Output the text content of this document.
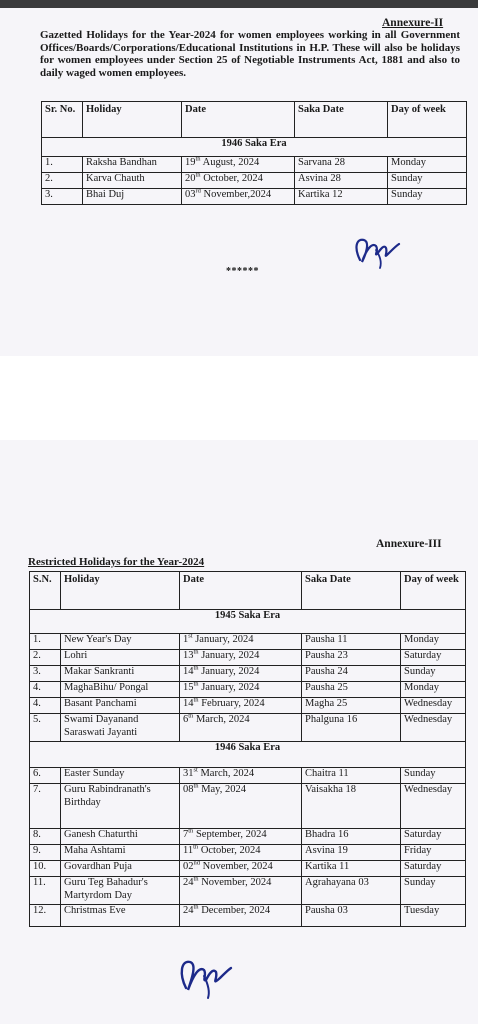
Annexure-II
Gazetted Holidays for the Year-2024 for women employees working in all Government Offices/Boards/Corporations/Educational Institutions in H.P. These will also be holidays for women employees under Section 25 of Negotiable Instruments Act, 1881 and also to daily waged women employees.
Sr. No.	Holiday	Date	Saka Date	Day of week
1946 Saka Era				
1.	Raksha Bandhan	19th August, 2024	Sarvana 28	Monday
2.	Karva Chauth	20th October, 2024	Asvina 28	Sunday
3.	Bhai Duj	03rd November,2024	Kartika 12	Sunday
******
Annexure-III
Restricted Holidays for the Year-2024
S.N.	Holiday	Date	Saka Date	Day of week
1945 Saka Era				
1.	New Year's Day	1st January, 2024	Pausha 11	Monday
2.	Lohri	13th January, 2024	Pausha 23	Saturday
3.	Makar Sankranti	14th January, 2024	Pausha 24	Sunday
4.	MaghaBihu/ Pongal	15th January, 2024	Pausha 25	Monday
4.	Basant Panchami	14th February, 2024	Magha 25	Wednesday
5.	Swami Dayanand Saraswati Jayanti	6th March, 2024	Phalguna 16	Wednesday
1946 Saka Era				
6.	Easter Sunday	31st March, 2024	Chaitra 11	Sunday
7.	Guru Rabindranath's Birthday	08th May, 2024	Vaisakha 18	Wednesday
8.	Ganesh Chaturthi	7th September, 2024	Bhadra 16	Saturday
9.	Maha Ashtami	11th October, 2024	Asvina 19	Friday
10.	Govardhan Puja	02nd November, 2024	Kartika 11	Saturday
11.	Guru Teg Bahadur's Martyrdom Day	24th November, 2024	Agrahayana 03	Sunday
12.	Christmas Eve	24th December, 2024	Pausha 03	Tuesday
